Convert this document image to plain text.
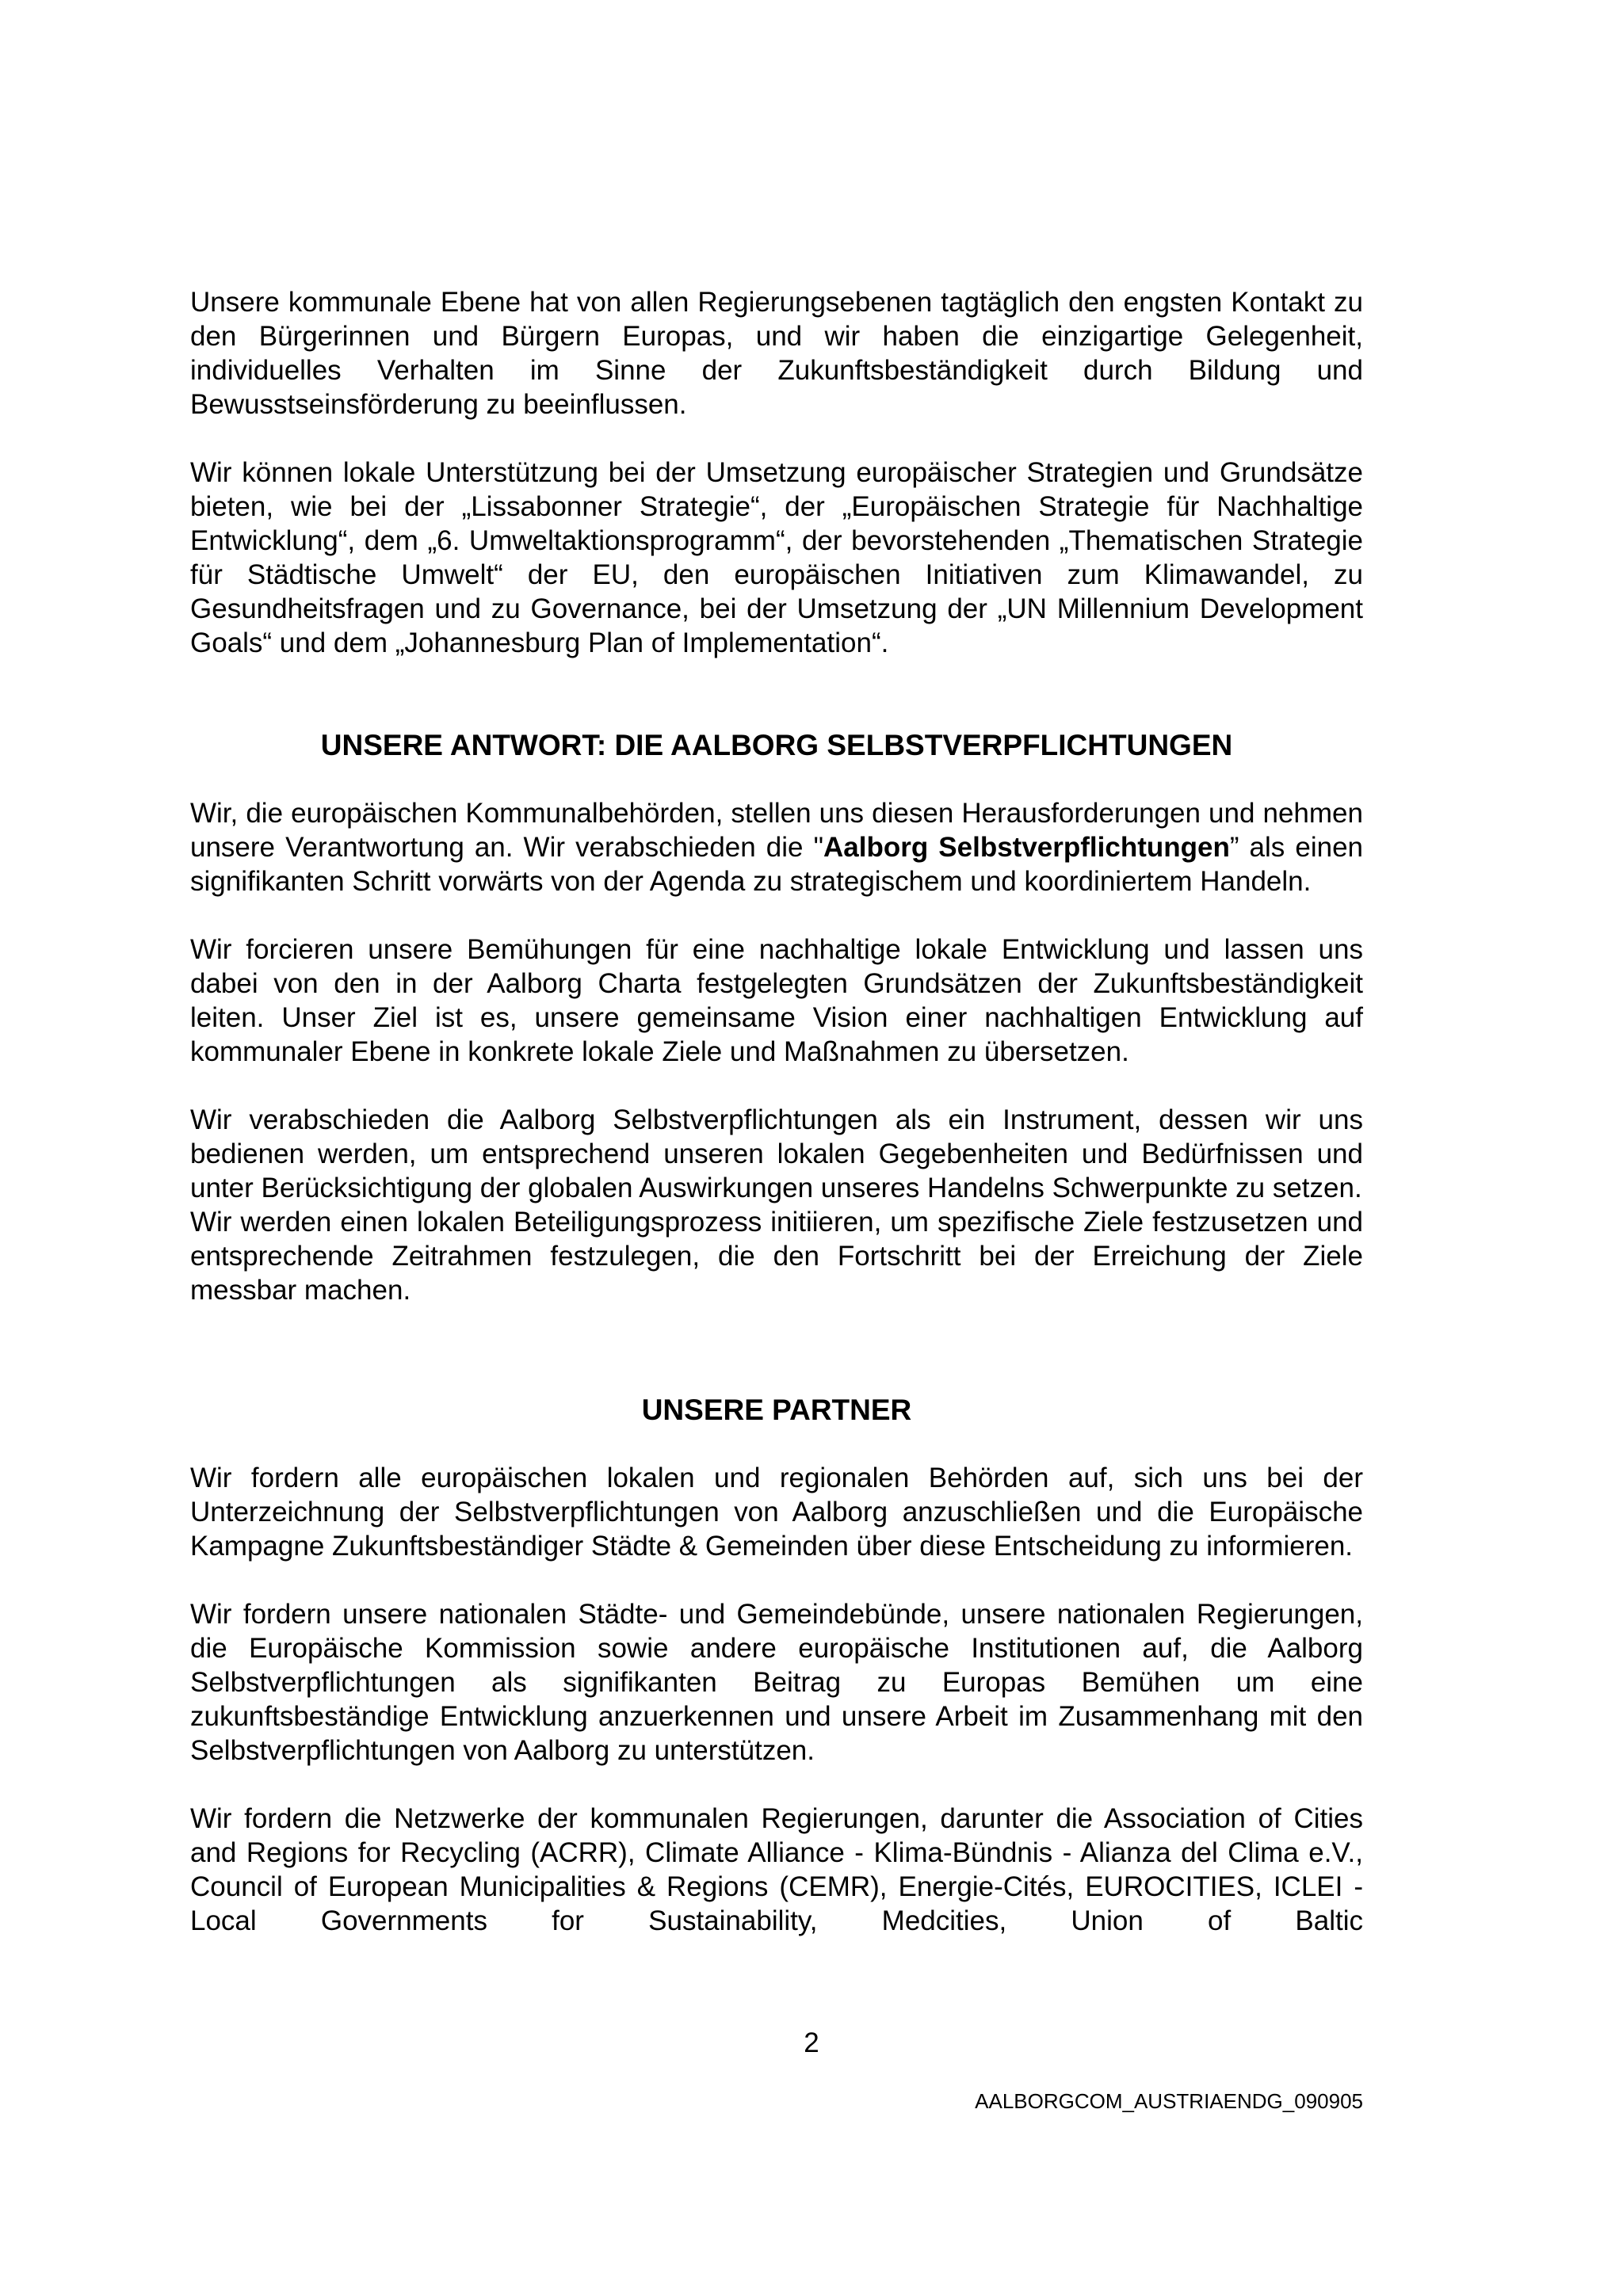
Unsere kommunale Ebene hat von allen Regierungsebenen tagtäglich den engsten Kontakt zu den Bürgerinnen und Bürgern Europas, und wir haben die einzigartige Gelegenheit, individuelles Verhalten im Sinne der Zukunftsbeständigkeit durch Bildung und Bewusstseinsförderung zu beeinflussen.

Wir können lokale Unterstützung bei der Umsetzung europäischer Strategien und Grundsätze bieten, wie bei der „Lissabonner Strategie“, der „Europäischen Strategie für Nachhaltige Entwicklung“, dem „6. Umweltaktionsprogramm“, der bevorstehenden „Thematischen Strategie für Städtische Umwelt“ der EU, den europäischen Initiativen zum Klimawandel, zu Gesundheitsfragen und zu Governance, bei der Umsetzung der „UN Millennium Development Goals“ und dem „Johannesburg Plan of Implementation“.

UNSERE ANTWORT: DIE AALBORG SELBSTVERPFLICHTUNGEN

Wir, die europäischen Kommunalbehörden, stellen uns diesen Herausforderungen und nehmen unsere Verantwortung an. Wir verabschieden die "Aalborg Selbstverpflichtungen” als einen signifikanten Schritt vorwärts von der Agenda zu strategischem und koordiniertem Handeln.

Wir forcieren unsere Bemühungen für eine nachhaltige lokale Entwicklung und lassen uns dabei von den in der Aalborg Charta festgelegten Grundsätzen der Zukunftsbeständigkeit leiten. Unser Ziel ist es, unsere gemeinsame Vision einer nachhaltigen Entwicklung auf kommunaler Ebene in konkrete lokale Ziele und Maßnahmen zu übersetzen.

Wir verabschieden die Aalborg Selbstverpflichtungen als ein Instrument, dessen wir uns bedienen werden, um entsprechend unseren lokalen Gegebenheiten und Bedürfnissen und unter Berücksichtigung der globalen Auswirkungen unseres Handelns Schwerpunkte zu setzen.

Wir werden einen lokalen Beteiligungsprozess initiieren, um spezifische Ziele festzusetzen und entsprechende Zeitrahmen festzulegen, die den Fortschritt bei der Erreichung der Ziele messbar machen.

UNSERE PARTNER

Wir fordern alle europäischen lokalen und regionalen Behörden auf, sich uns bei der Unterzeichnung der Selbstverpflichtungen von Aalborg anzuschließen und die Europäische Kampagne Zukunftsbeständiger Städte & Gemeinden über diese Entscheidung zu informieren.

Wir fordern unsere nationalen Städte- und Gemeindebünde, unsere nationalen Regierungen, die Europäische Kommission sowie andere europäische Institutionen auf, die Aalborg Selbstverpflichtungen als signifikanten Beitrag zu Europas Bemühen um eine zukunftsbeständige Entwicklung anzuerkennen und unsere Arbeit im Zusammenhang mit den Selbstverpflichtungen von Aalborg zu unterstützen.

Wir fordern die Netzwerke der kommunalen Regierungen, darunter die Association of Cities and Regions for Recycling (ACRR), Climate Alliance - Klima-Bündnis - Alianza del Clima e.V., Council of European Municipalities & Regions (CEMR), Energie-Cités, EUROCITIES, ICLEI - Local Governments for Sustainability, Medcities, Union of Baltic

2
AALBORGCOM_AUSTRIAENDG_090905
